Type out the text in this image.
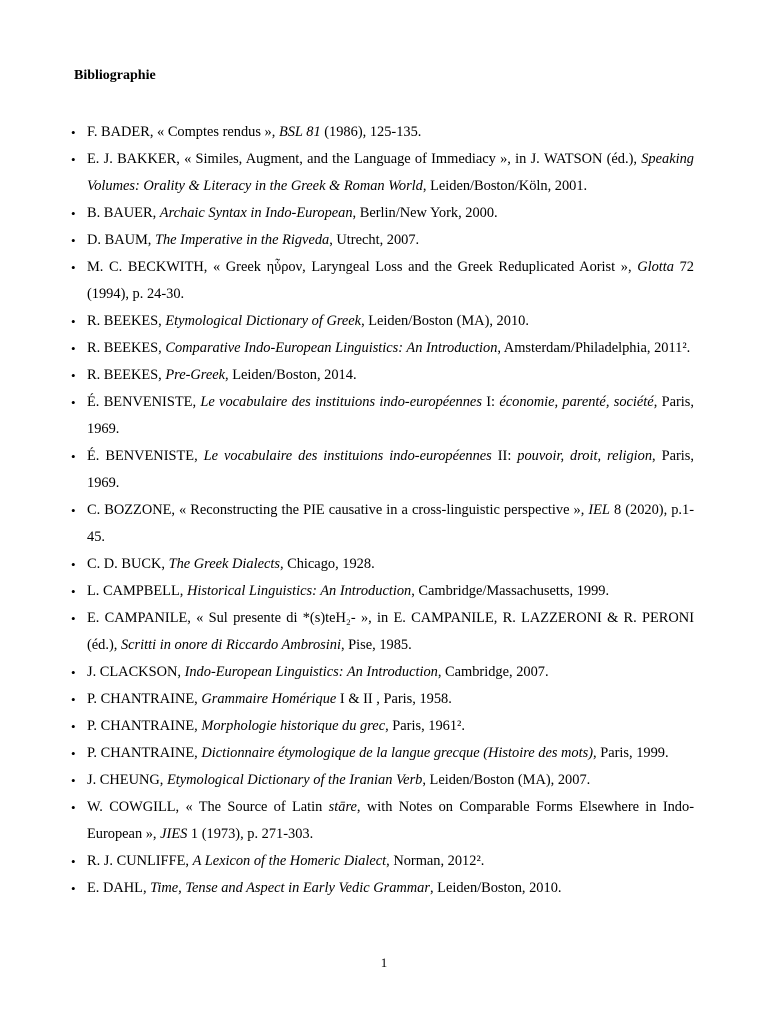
Bibliographie
• F. BADER, « Comptes rendus », BSL 81 (1986), 125-135.
• E. J. BAKKER, « Similes, Augment, and the Language of Immediacy », in J. WATSON (éd.), Speaking Volumes: Orality & Literacy in the Greek & Roman World, Leiden/Boston/Köln, 2001.
• B. BAUER, Archaic Syntax in Indo-European, Berlin/New York, 2000.
• D. BAUM, The Imperative in the Rigveda, Utrecht, 2007.
• M. C. BECKWITH, « Greek ηὗρον, Laryngeal Loss and the Greek Reduplicated Aorist », Glotta 72 (1994), p. 24-30.
• R. BEEKES, Etymological Dictionary of Greek, Leiden/Boston (MA), 2010.
• R. BEEKES, Comparative Indo-European Linguistics: An Introduction, Amsterdam/Philadelphia, 2011².
• R. BEEKES, Pre-Greek, Leiden/Boston, 2014.
• É. BENVENISTE, Le vocabulaire des instituions indo-européennes I: économie, parenté, société, Paris, 1969.
• É. BENVENISTE, Le vocabulaire des instituions indo-européennes II: pouvoir, droit, religion, Paris, 1969.
• C. BOZZONE, « Reconstructing the PIE causative in a cross-linguistic perspective », IEL 8 (2020), p.1-45.
• C. D. BUCK, The Greek Dialects, Chicago, 1928.
• L. CAMPBELL, Historical Linguistics: An Introduction, Cambridge/Massachusetts, 1999.
• E. CAMPANILE, « Sul presente di *(s)teH₂- », in E. CAMPANILE, R. LAZZERONI & R. PERONI (éd.), Scritti in onore di Riccardo Ambrosini, Pise, 1985.
• J. CLACKSON, Indo-European Linguistics: An Introduction, Cambridge, 2007.
• P. CHANTRAINE, Grammaire Homérique I & II , Paris, 1958.
• P. CHANTRAINE, Morphologie historique du grec, Paris, 1961².
• P. CHANTRAINE, Dictionnaire étymologique de la langue grecque (Histoire des mots), Paris, 1999.
• J. CHEUNG, Etymological Dictionary of the Iranian Verb, Leiden/Boston (MA), 2007.
• W. COWGILL, « The Source of Latin stāre, with Notes on Comparable Forms Elsewhere in Indo-European », JIES 1 (1973), p. 271-303.
• R. J. CUNLIFFE, A Lexicon of the Homeric Dialect, Norman, 2012².
• E. DAHL, Time, Tense and Aspect in Early Vedic Grammar, Leiden/Boston, 2010.
1
